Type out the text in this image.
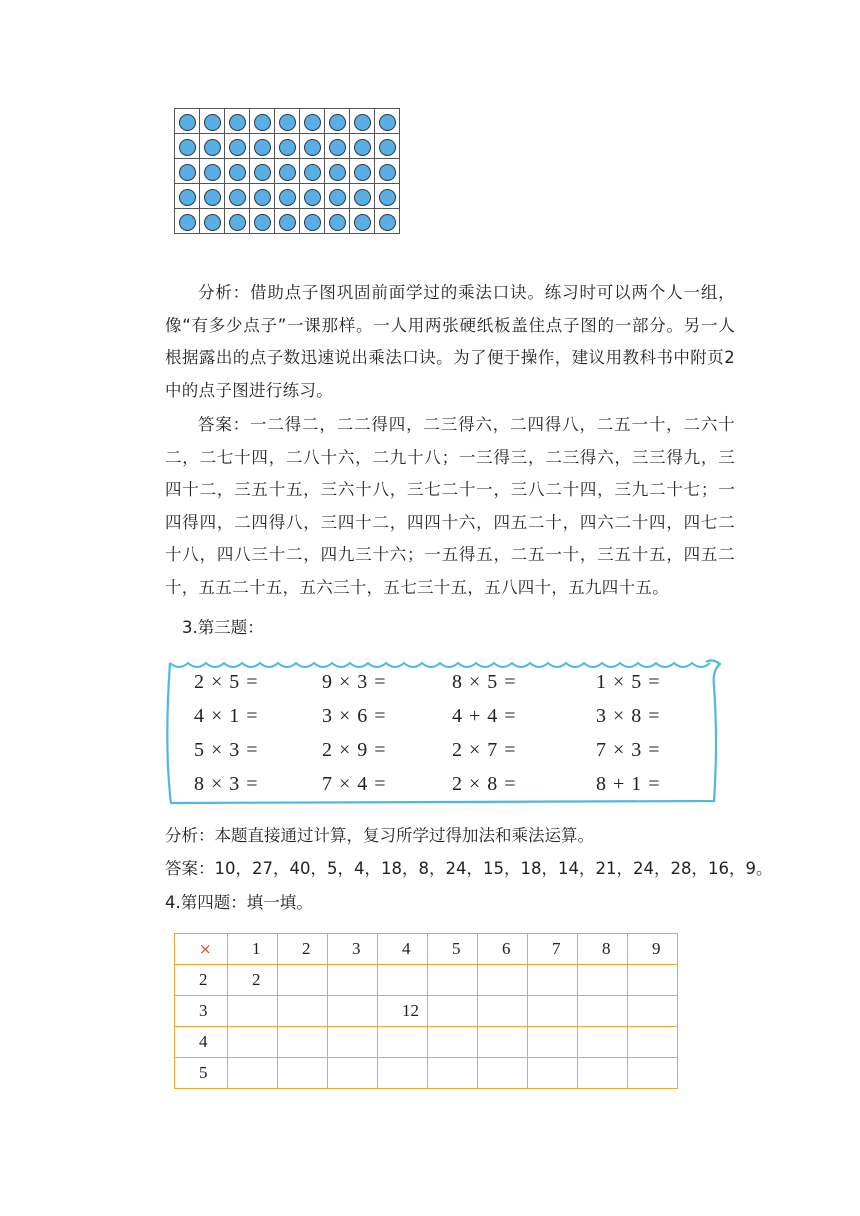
分析：借助点子图巩固前面学过的乘法口诀。练习时可以两个人一组，像“有多少点子”一课那样。一人用两张硬纸板盖住点子图的一部分。另一人根据露出的点子数迅速说出乘法口诀。为了便于操作，建议用教科书中附页2中的点子图进行练习。

答案：一二得二，二二得四，二三得六，二四得八，二五一十，二六十二，二七十四，二八十六，二九十八；一三得三，二三得六，三三得九，三四十二，三五十五，三六十八，三七二十一，三八二十四，三九二十七；一四得四，二四得八，三四十二，四四十六，四五二十，四六二十四，四七二十八，四八三十二，四九三十六；一五得五，二五一十，三五十五，四五二十，五五二十五，五六三十，五七三十五，五八四十，五九四十五。

3.第三题：

2 × 5 =	9 × 3 =	8 × 5 =	1 × 5 =
4 × 1 =	3 × 6 =	4 + 4 =	3 × 8 =
5 × 3 =	2 × 9 =	2 × 7 =	7 × 3 =
8 × 3 =	7 × 4 =	2 × 8 =	8 + 1 =

分析：本题直接通过计算，复习所学过得加法和乘法运算。

答案：10，27，40，5，4，18，8，24，15，18，14，21，24，28，16，9。

4.第四题：填一填。

×	1	2	3	4	5	6	7	8	9
2	2								
3				12					
4									
5									
